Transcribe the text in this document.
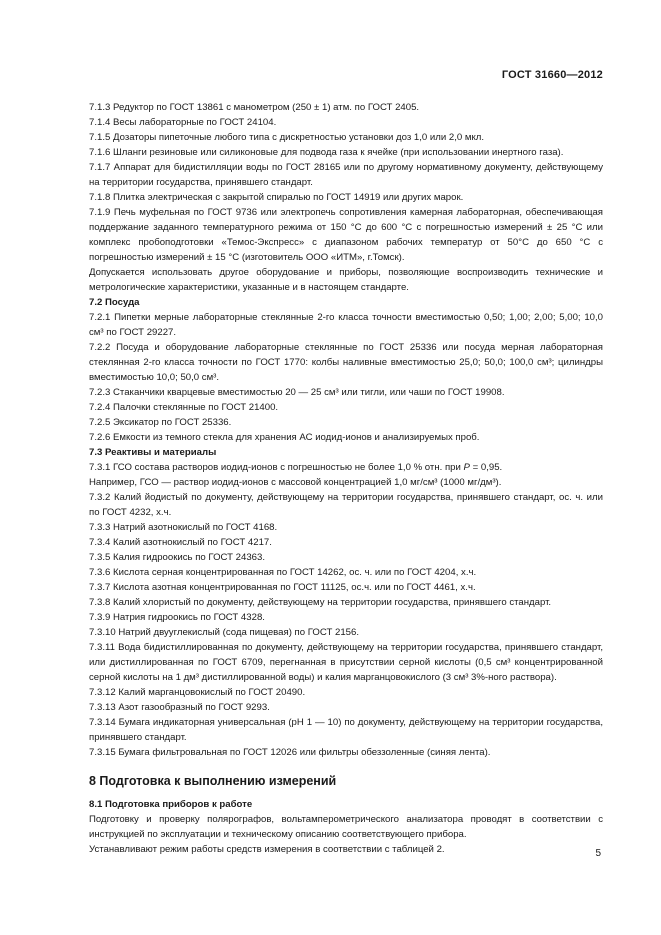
ГОСТ 31660—2012

7.1.3 Редуктор по ГОСТ 13861 с манометром (250 ± 1) атм. по ГОСТ 2405.

7.1.4 Весы лабораторные по ГОСТ 24104.

7.1.5 Дозаторы пипеточные любого типа с дискретностью установки доз 1,0 или 2,0 мкл.

7.1.6 Шланги резиновые или силиконовые для подвода газа к ячейке (при использовании инертного газа).

7.1.7 Аппарат для бидистилляции воды по ГОСТ 28165 или по другому нормативному документу, действующему на территории государства, принявшего стандарт.

7.1.8 Плитка электрическая с закрытой спиралью по ГОСТ 14919 или других марок.

7.1.9 Печь муфельная по ГОСТ 9736 или электропечь сопротивления камерная лабораторная, обеспечивающая поддержание заданного температурного режима от 150 °С до 600 °С с погрешностью измерений ± 25 °С или комплекс пробоподготовки «Темос-Экспресс» с диапазоном рабочих температур от 50°С до 650 °С с погрешностью измерений ± 15 °С (изготовитель ООО «ИТМ», г.Томск).

Допускается использовать другое оборудование и приборы, позволяющие воспроизводить технические и метрологические характеристики, указанные и в настоящем стандарте.

7.2 Посуда

7.2.1 Пипетки мерные лабораторные стеклянные 2-го класса точности вместимостью 0,50; 1,00; 2,00; 5,00; 10,0 см³ по ГОСТ 29227.

7.2.2 Посуда и оборудование лабораторные стеклянные по ГОСТ 25336 или посуда мерная лабораторная стеклянная 2-го класса точности по ГОСТ 1770: колбы наливные вместимостью 25,0; 50,0; 100,0 см³; цилиндры вместимостью 10,0; 50,0 см³.

7.2.3 Стаканчики кварцевые вместимостью 20 — 25 см³ или тигли, или чаши по ГОСТ 19908.

7.2.4 Палочки стеклянные по ГОСТ 21400.

7.2.5 Эксикатор по ГОСТ 25336.

7.2.6 Емкости из темного стекла для хранения АС иодид-ионов и анализируемых проб.

7.3 Реактивы и материалы

7.3.1 ГСО состава растворов иодид-ионов с погрешностью не более 1,0 % отн. при Р = 0,95.

Например, ГСО — раствор иодид-ионов с массовой концентрацией 1,0 мг/см³ (1000 мг/дм³).

7.3.2 Калий йодистый по документу, действующему на территории государства, принявшего стандарт, ос. ч. или по ГОСТ 4232, х.ч.

7.3.3 Натрий азотнокислый по ГОСТ 4168.

7.3.4 Калий азотнокислый по ГОСТ 4217.

7.3.5 Калия гидроокись по ГОСТ 24363.

7.3.6 Кислота серная концентрированная по ГОСТ 14262, ос. ч. или по ГОСТ 4204, х.ч.

7.3.7 Кислота азотная концентрированная по ГОСТ 11125, ос.ч. или по ГОСТ 4461, х.ч.

7.3.8 Калий хлористый по документу, действующему на территории государства, принявшего стандарт.

7.3.9 Натрия гидроокись по ГОСТ 4328.

7.3.10 Натрий двууглекислый (сода пищевая) по ГОСТ 2156.

7.3.11 Вода бидистиллированная по документу, действующему на территории государства, принявшего стандарт, или дистиллированная по ГОСТ 6709, перегнанная в присутствии серной кислоты (0,5 см³ концентрированной серной кислоты на 1 дм³ дистиллированной воды) и калия марганцовокислого (3 см³ 3%-ного раствора).

7.3.12 Калий марганцовокислый по ГОСТ 20490.

7.3.13 Азот газообразный по ГОСТ 9293.

7.3.14 Бумага индикаторная универсальная (рН 1 — 10) по документу, действующему на территории государства, принявшего стандарт.

7.3.15 Бумага фильтровальная по ГОСТ 12026 или фильтры обеззоленные (синяя лента).

8 Подготовка к выполнению измерений

8.1 Подготовка приборов к работе

Подготовку и проверку полярографов, вольтамперометрического анализатора проводят в соответствии с инструкцией по эксплуатации и техническому описанию соответствующего прибора.

Устанавливают режим работы средств измерения в соответствии с таблицей 2.	5
